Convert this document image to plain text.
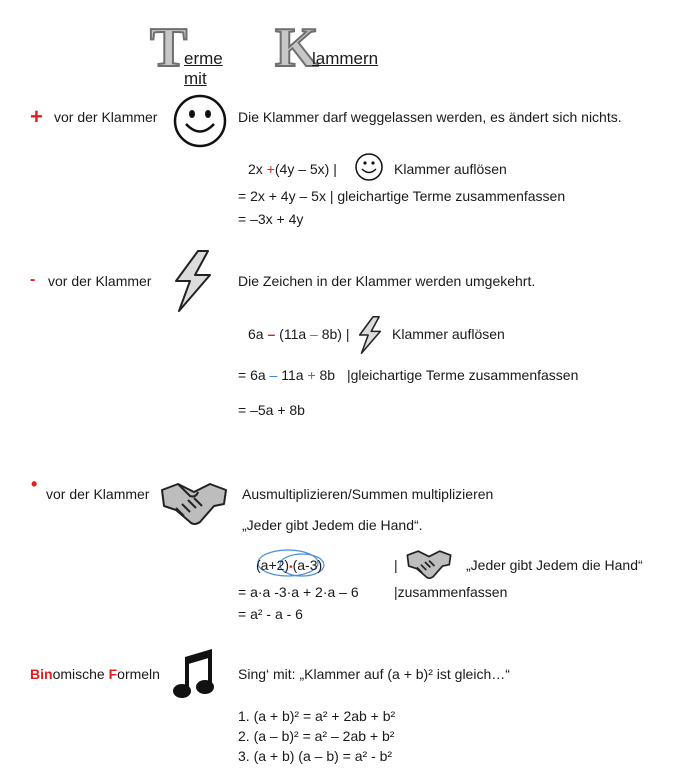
T
erme mit K
lammern
+ vor der Klammer	Die Klammer darf weggelassen werden, es ändert sich nichts.
2x +(4y – 5x) |	Klammer auflösen
= 2x + 4y – 5x | gleichartige Terme zusammenfassen
= –3x + 4y
- vor der Klammer	Die Zeichen in der Klammer werden umgekehrt.
6a – (11a – 8b) |	Klammer auflösen
= 6a – 11a + 8b |gleichartige Terme zusammenfassen
= –5a + 8b
• vor der Klammer	Ausmultiplizieren/Summen multiplizieren
„Jeder gibt Jedem die Hand“.
(a+2)•(a-3)	|	„Jeder gibt Jedem die Hand“
= a·a -3·a + 2·a – 6	|zusammenfassen
= a² - a - 6
Binomische Formeln	Sing‘ mit: „Klammer auf (a + b)² ist gleich…“
1. (a + b)² = a² + 2ab + b²
2. (a – b)² = a² – 2ab + b²
3. (a + b) (a – b) = a² - b²
